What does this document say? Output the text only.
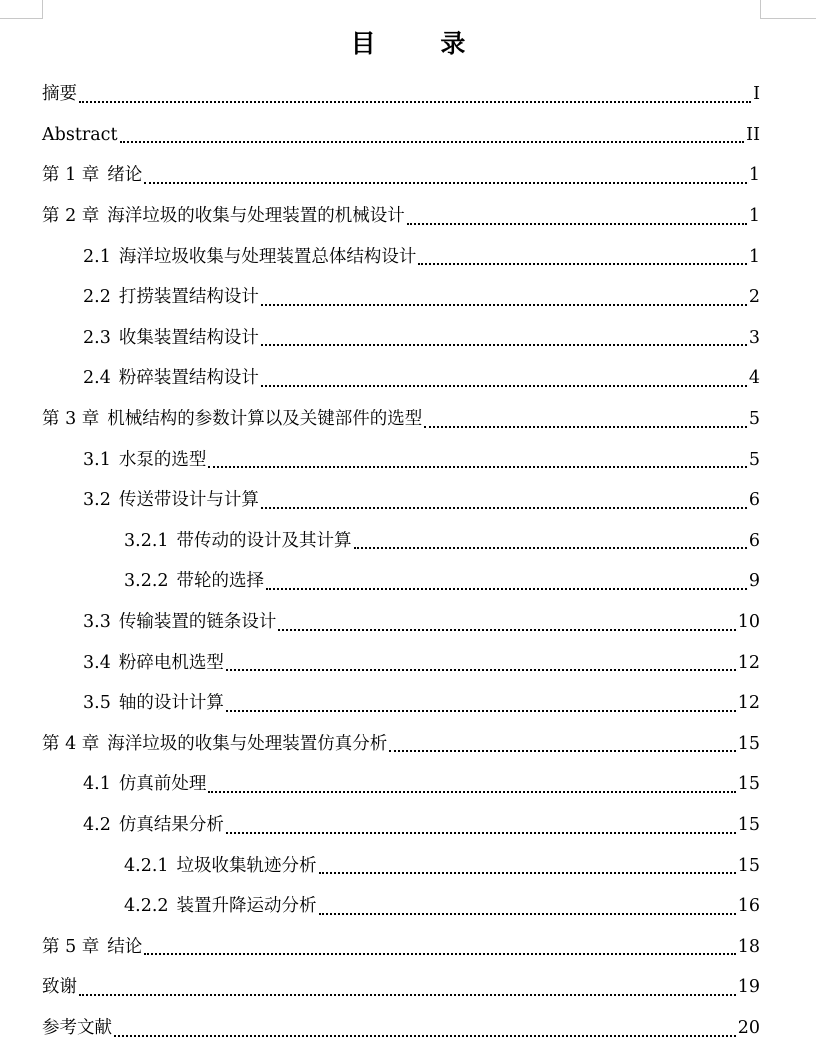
目 录
摘要	I
Abstract	II
第 1 章 绪论	1
第 2 章 海洋垃圾的收集与处理装置的机械设计	1
2.1 海洋垃圾收集与处理装置总体结构设计	1
2.2 打捞装置结构设计	2
2.3 收集装置结构设计	3
2.4 粉碎装置结构设计	4
第 3 章 机械结构的参数计算以及关键部件的选型	5
3.1 水泵的选型	5
3.2 传送带设计与计算	6
3.2.1 带传动的设计及其计算	6
3.2.2 带轮的选择	9
3.3 传输装置的链条设计	10
3.4 粉碎电机选型	12
3.5 轴的设计计算	12
第 4 章 海洋垃圾的收集与处理装置仿真分析	15
4.1 仿真前处理	15
4.2 仿真结果分析	15
4.2.1 垃圾收集轨迹分析	15
4.2.2 装置升降运动分析	16
第 5 章 结论	18
致谢	19
参考文献	20
